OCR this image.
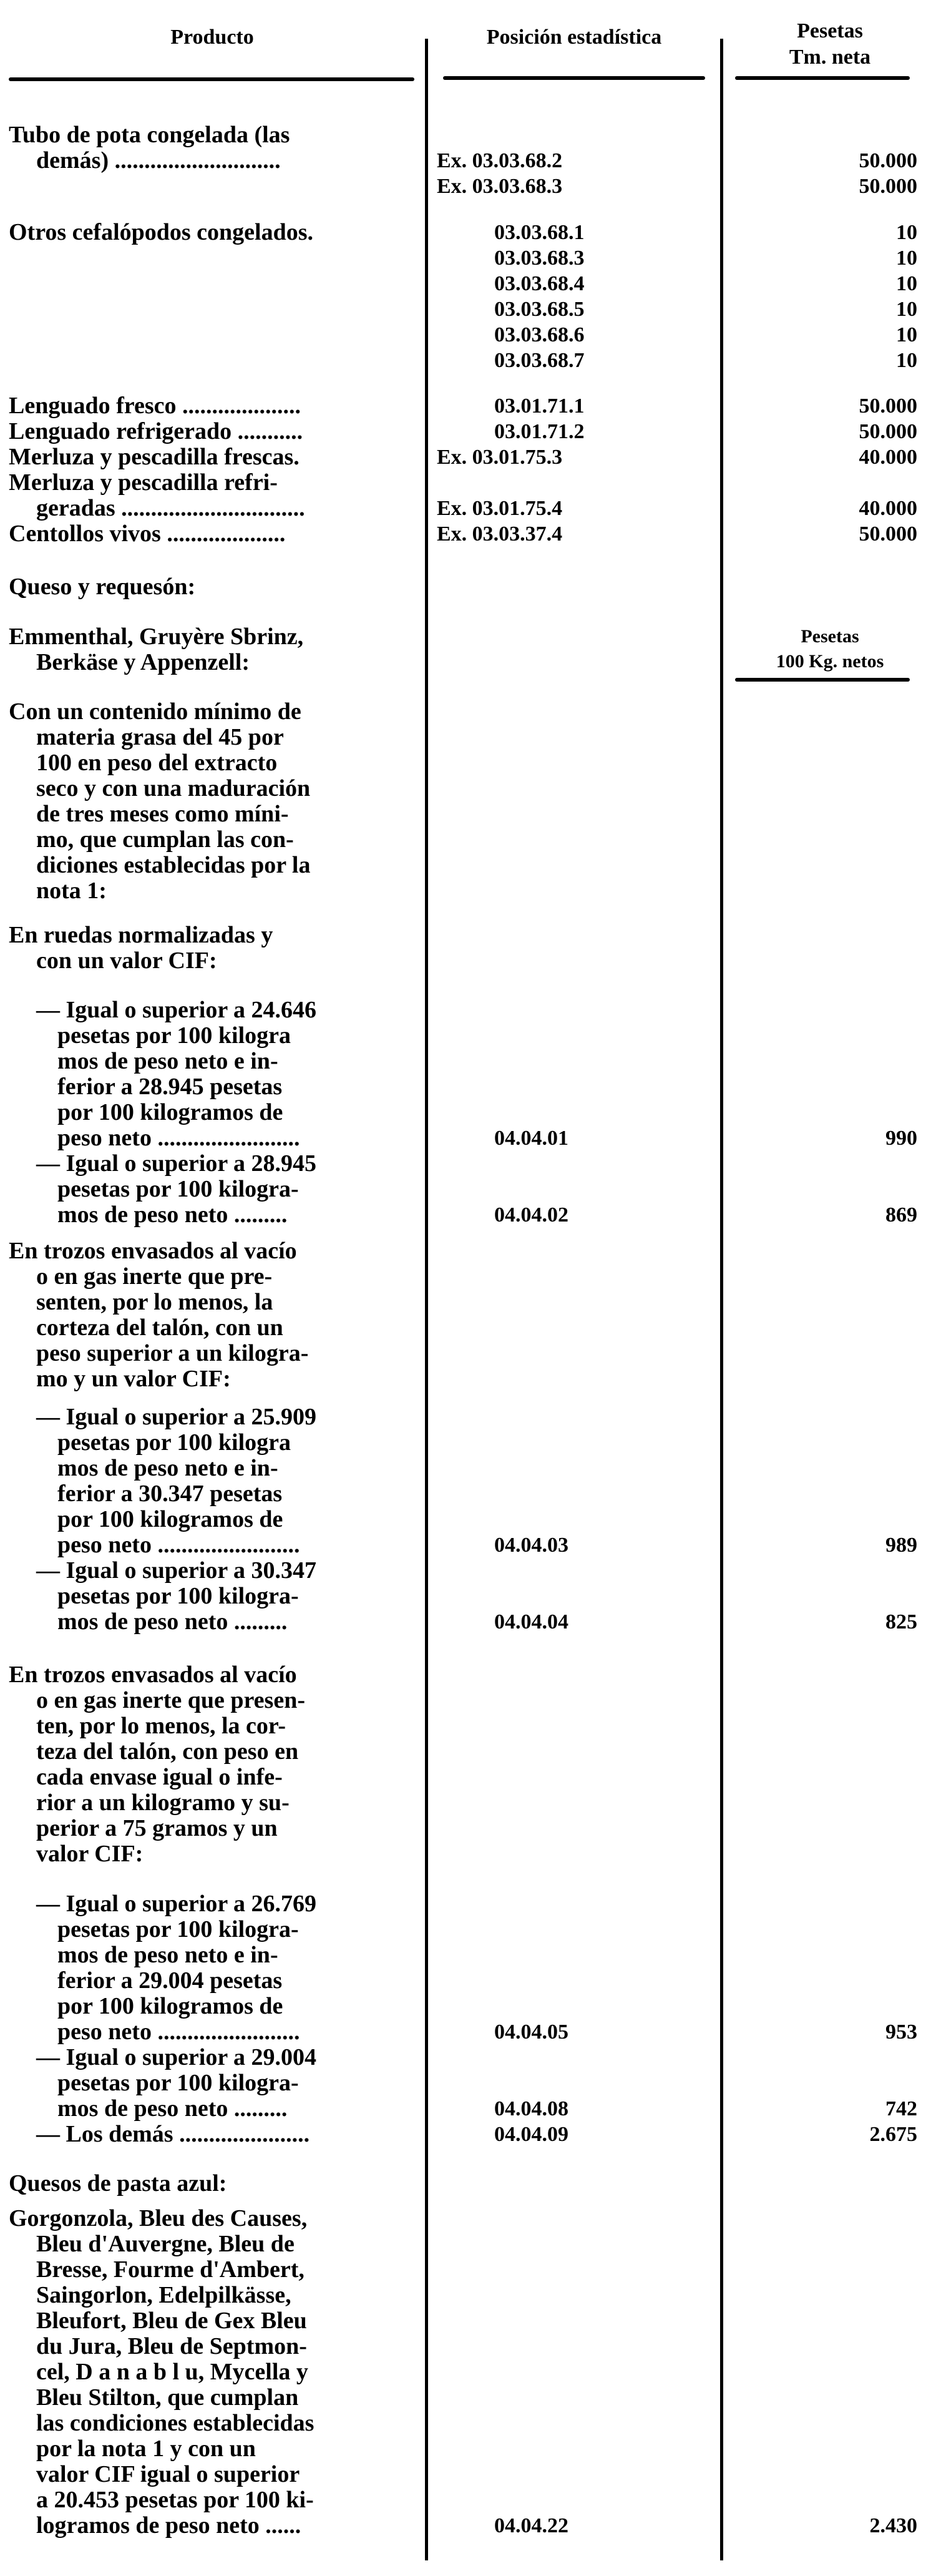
Producto	Posición estadística	Pesetas
Tm. neta
Tubo de pota congelada (las
demás) ............................
Otros cefalópodos congelados.
Lenguado fresco ....................
Lenguado refrigerado ...........
Merluza y pescadilla frescas.
Merluza y pescadilla refri-
geradas ...............................
Centollos vivos ....................
Queso y requesón:
Emmenthal, Gruyère Sbrinz,
Berkäse y Appenzell:
Con un contenido mínimo de
materia grasa del 45 por
100 en peso del extracto
seco y con una maduración
de tres meses como míni-
mo, que cumplan las con-
diciones establecidas por la
nota 1:
En ruedas normalizadas y
con un valor CIF:
— Igual o superior a 24.646
pesetas por 100 kilogra
mos de peso neto e in-
ferior a 28.945 pesetas
por 100 kilogramos de
peso neto ........................
— Igual o superior a 28.945
pesetas por 100 kilogra-
mos de peso neto .........
En trozos envasados al vacío
o en gas inerte que pre-
senten, por lo menos, la
corteza del talón, con un
peso superior a un kilogra-
mo y un valor CIF:
— Igual o superior a 25.909
pesetas por 100 kilogra
mos de peso neto e in-
ferior a 30.347 pesetas
por 100 kilogramos de
peso neto ........................
— Igual o superior a 30.347
pesetas por 100 kilogra-
mos de peso neto .........
En trozos envasados al vacío
o en gas inerte que presen-
ten, por lo menos, la cor-
teza del talón, con peso en
cada envase igual o infe-
rior a un kilogramo y su-
perior a 75 gramos y un
valor CIF:
— Igual o superior a 26.769
pesetas por 100 kilogra-
mos de peso neto e in-
ferior a 29.004 pesetas
por 100 kilogramos de
peso neto ........................
— Igual o superior a 29.004
pesetas por 100 kilogra-
mos de peso neto .........
— Los demás ......................
Quesos de pasta azul:
Gorgonzola, Bleu des Causes,
Bleu d'Auvergne, Bleu de
Bresse, Fourme d'Ambert,
Saingorlon, Edelpilkässe,
Bleufort, Bleu de Gex Bleu
du Jura, Bleu de Septmon-
cel, D a n a b l u, Mycella y
Bleu Stilton, que cumplan
las condiciones establecidas
por la nota 1 y con un
valor CIF igual o superior
a 20.453 pesetas por 100 ki-
logramos de peso neto ......
Ex. 03.03.68.2
Ex. 03.03.68.3
03.03.68.1
03.03.68.3
03.03.68.4
03.03.68.5
03.03.68.6
03.03.68.7
03.01.71.1
03.01.71.2
Ex. 03.01.75.3
Ex. 03.01.75.4
Ex. 03.03.37.4
04.04.01
04.04.02
04.04.03
04.04.04
04.04.05
04.04.08
04.04.09
04.04.22
Pesetas
100 Kg. netos
50.000
50.000
10
10
10
10
10
10
50.000
50.000
40.000
40.000
50.000
990
869
989
825
953
742
2.675
2.430
